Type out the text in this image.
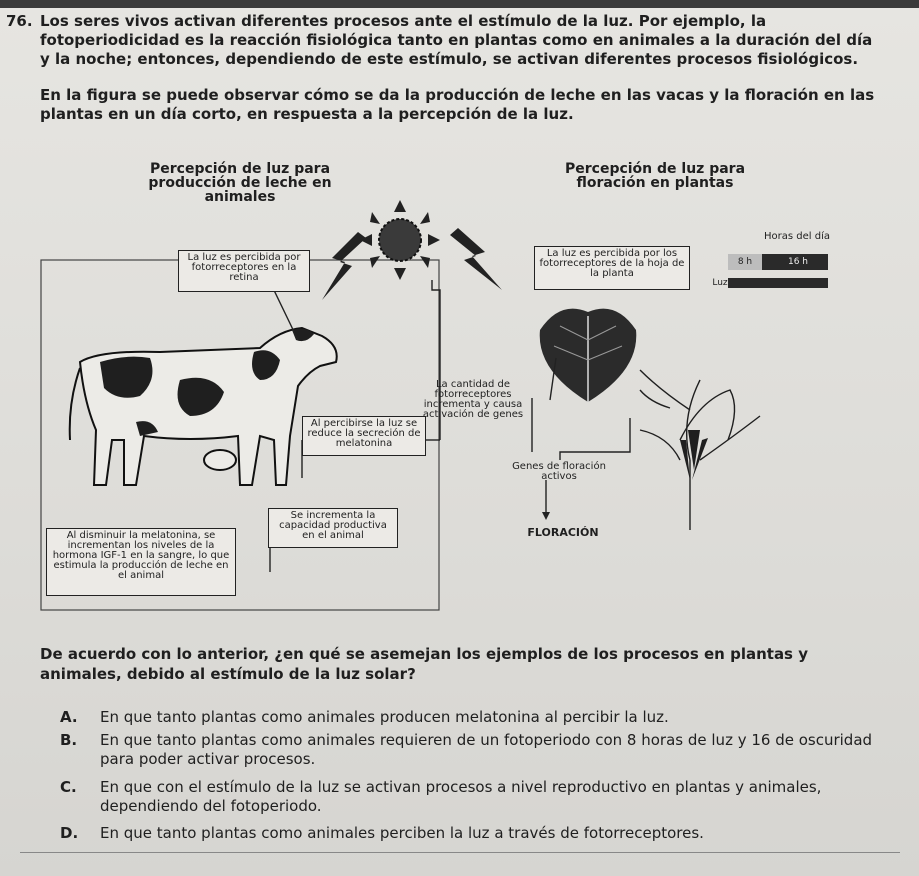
76. Los seres vivos activan diferentes procesos ante el estímulo de la luz. Por ejemplo, la fotoperiodicidad es la reacción fisiológica tanto en plantas como en animales a la duración del día y la noche; entonces, dependiendo de este estímulo, se activan diferentes procesos fisiológicos.
En la figura se puede observar cómo se da la producción de leche en las vacas y la floración en las plantas en un día corto, en respuesta a la percepción de la luz.
Percepción de luz para producción de leche en animales
Percepción de luz para floración en plantas
La luz es percibida por fotorreceptores en la retina
Al percibirse la luz se reduce la secreción de melatonina
Se incrementa la capacidad productiva en el animal
Al disminuir la melatonina, se incrementan los niveles de la hormona IGF-1 en la sangre, lo que estimula la producción de leche en el animal
La luz es percibida por los fotorreceptores de la hoja de la planta
La cantidad de fotorreceptores incrementa y causa activación de genes
Genes de floración activos
FLORACIÓN
Horas del día
8 h	16 h
Luz
De acuerdo con lo anterior, ¿en qué se asemejan los ejemplos de los procesos en plantas y animales, debido al estímulo de la luz solar?
A. En que tanto plantas como animales producen melatonina al percibir la luz.
B. En que tanto plantas como animales requieren de un fotoperiodo con 8 horas de luz y 16 de oscuridad para poder activar procesos.
C. En que con el estímulo de la luz se activan procesos a nivel reproductivo en plantas y animales, dependiendo del fotoperiodo.
D. En que tanto plantas como animales perciben la luz a través de fotorreceptores.
